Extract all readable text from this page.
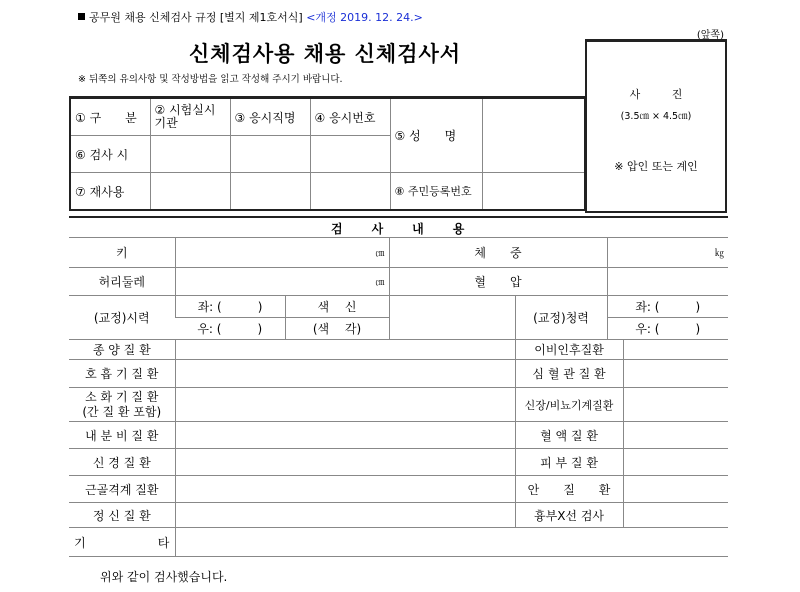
공무원 채용 신체검사 규정 [별지 제1호서식] <개정 2019. 12. 24.>
(앞쪽)
신체검사용 채용 신체검사서
※ 뒤쪽의 유의사항 및 작성방법을 읽고 작성해 주시기 바랍니다.
사 진
(3.5㎝ × 4.5㎝)
※ 압인 또는 계인
① 구　　분	② 시험실시기관	③ 응시직명	④ 응시번호	⑤ 성　　명	
⑥ 검사 시					
⑦ 재사용				⑧ 주민등록번호	
검사내용
키	㎝		체　　중		㎏	
허리둘레	㎝		혈　　압			
(교정)시력	좌: (　　　)	색　 신		(교정)청력	좌: (　　　)	
	우: (　　　)	(색　 각)			우: (　　　)	
종 양 질 환				이비인후질환		
호 흡 기 질 환				심 혈 관 질 환		
소 화 기 질 환
(간 질 환 포함)				신장/비뇨기계질환		
내 분 비 질 환				혈 액 질 환		
신 경 질 환				피 부 질 환		
근골격계 질환				안　　질　　환		
정 신 질 환				흉부X선 검사		
기　　　　　　타						
위와 같이 검사했습니다.
